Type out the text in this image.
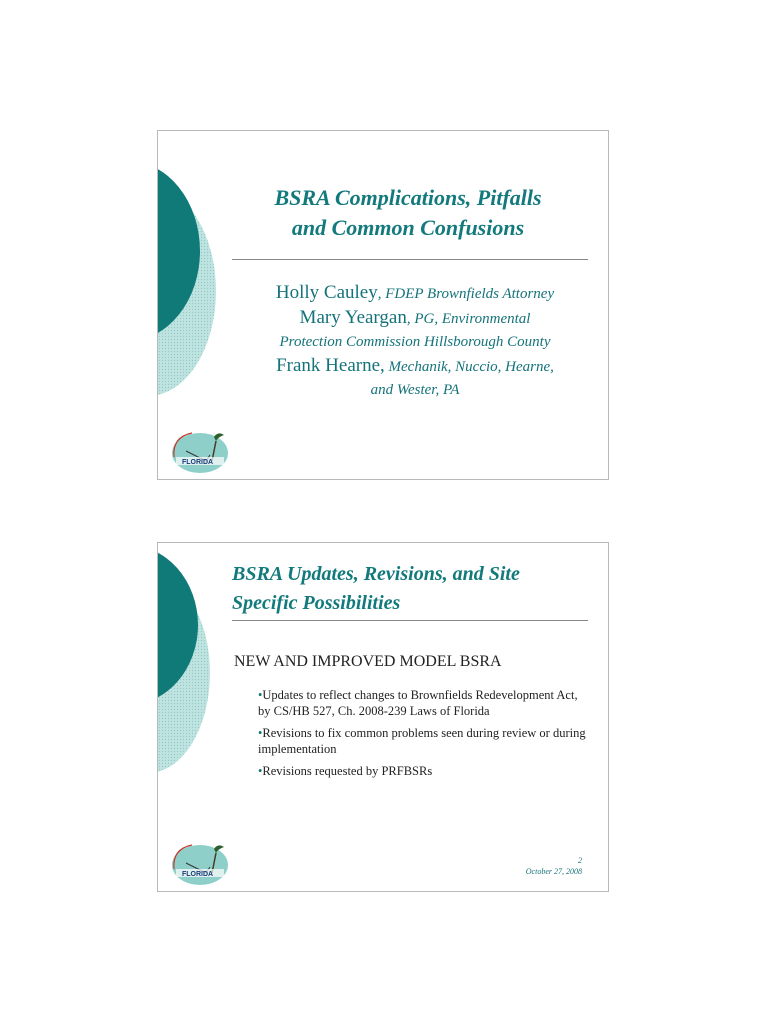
BSRA Complications, Pitfalls
and Common Confusions
Holly Cauley, FDEP Brownfields Attorney
Mary Yeargan, PG, Environmental
Protection Commission Hillsborough County
Frank Hearne, Mechanik, Nuccio, Hearne,
and Wester, PA
FLORIDA
BSRA Updates, Revisions, and Site
Specific Possibilities
NEW AND IMPROVED MODEL BSRA
•Updates to reflect changes to Brownfields Redevelopment Act, by CS/HB 527, Ch. 2008-239 Laws of Florida
•Revisions to fix common problems seen during review or during implementation
•Revisions requested by PRFBSRs
FLORIDA
2
October 27, 2008
